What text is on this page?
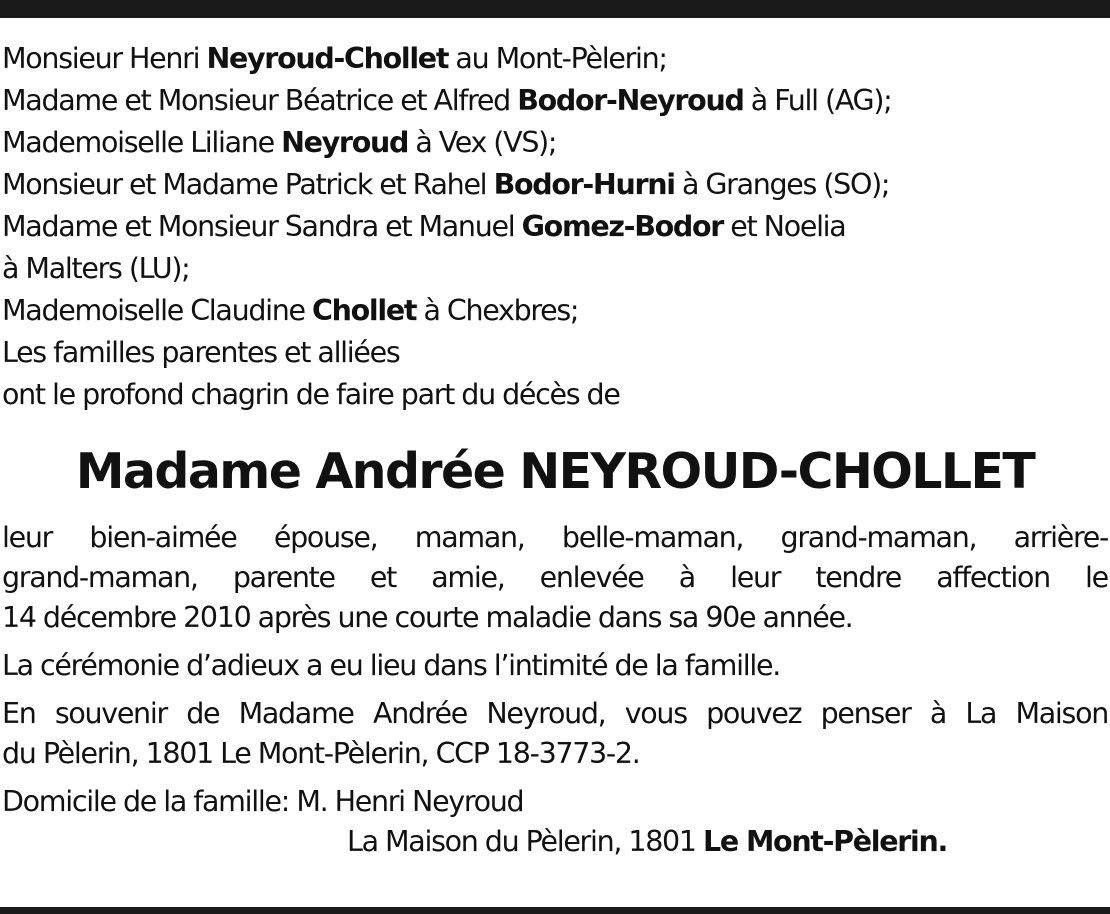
Monsieur Henri Neyroud-Chollet au Mont-Pèlerin;
Madame et Monsieur Béatrice et Alfred Bodor-Neyroud à Full (AG);
Mademoiselle Liliane Neyroud à Vex (VS);
Monsieur et Madame Patrick et Rahel Bodor-Hurni à Granges (SO);
Madame et Monsieur Sandra et Manuel Gomez-Bodor et Noelia
à Malters (LU);
Mademoiselle Claudine Chollet à Chexbres;
Les familles parentes et alliées
ont le profond chagrin de faire part du décès de
Madame Andrée NEYROUD-CHOLLET
leur bien-aimée épouse, maman, belle-maman, grand-maman, arrière-
grand-maman, parente et amie, enlevée à leur tendre affection le
14 décembre 2010 après une courte maladie dans sa 90e année.
La cérémonie d’adieux a eu lieu dans l’intimité de la famille.
En souvenir de Madame Andrée Neyroud, vous pouvez penser à La Maison
du Pèlerin, 1801 Le Mont-Pèlerin, CCP 18-3773-2.
Domicile de la famille: M. Henri Neyroud
La Maison du Pèlerin, 1801 Le Mont-Pèlerin.
